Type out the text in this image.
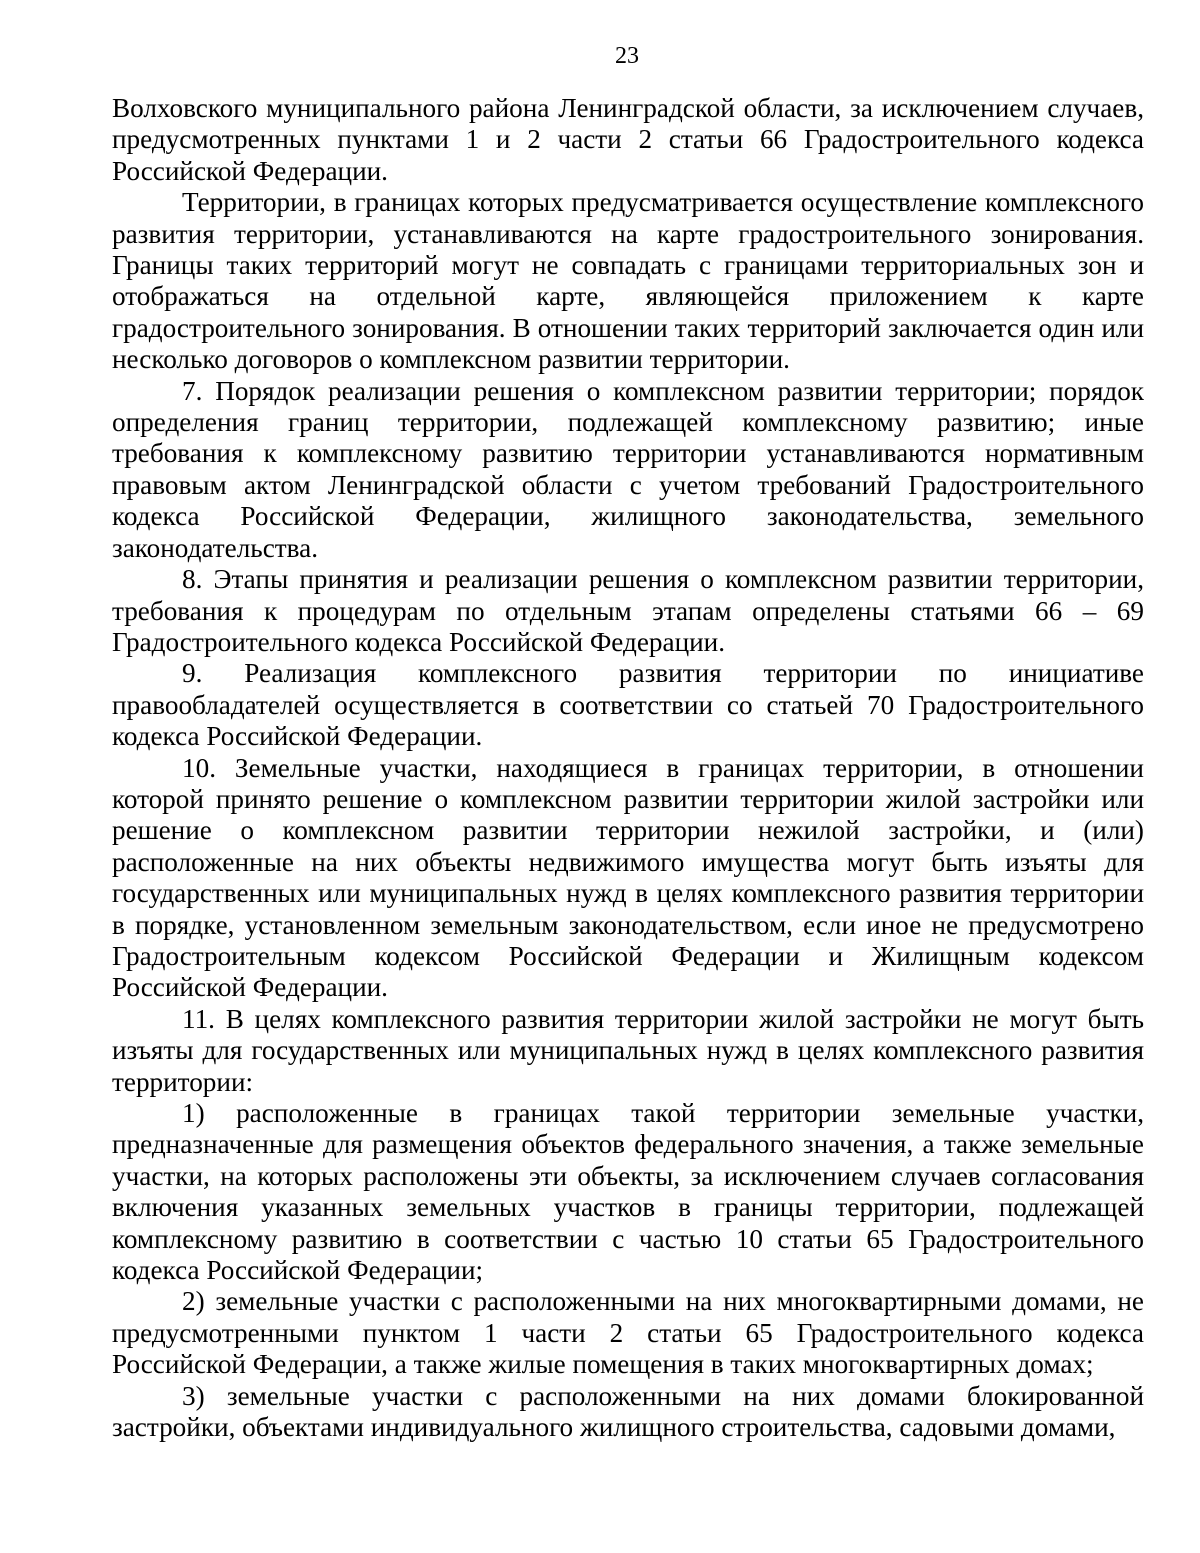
23

Волховского муниципального района Ленинградской области, за исключением случаев, предусмотренных пунктами 1 и 2 части 2 статьи 66 Градостроительного кодекса Российской Федерации.

Территории, в границах которых предусматривается осуществление комплексного развития территории, устанавливаются на карте градостроительного зонирования. Границы таких территорий могут не совпадать с границами территориальных зон и отображаться на отдельной карте, являющейся приложением к карте градостроительного зонирования. В отношении таких территорий заключается один или несколько договоров о комплексном развитии территории.

7. Порядок реализации решения о комплексном развитии территории; порядок определения границ территории, подлежащей комплексному развитию; иные требования к комплексному развитию территории устанавливаются нормативным правовым актом Ленинградской области с учетом требований Градостроительного кодекса Российской Федерации, жилищного законодательства, земельного законодательства.

8. Этапы принятия и реализации решения о комплексном развитии территории, требования к процедурам по отдельным этапам определены статьями 66 – 69 Градостроительного кодекса Российской Федерации.

9. Реализация комплексного развития территории по инициативе правообладателей осуществляется в соответствии со статьей 70 Градостроительного кодекса Российской Федерации.

10. Земельные участки, находящиеся в границах территории, в отношении которой принято решение о комплексном развитии территории жилой застройки или решение о комплексном развитии территории нежилой застройки, и (или) расположенные на них объекты недвижимого имущества могут быть изъяты для государственных или муниципальных нужд в целях комплексного развития территории в порядке, установленном земельным законодательством, если иное не предусмотрено Градостроительным кодексом Российской Федерации и Жилищным кодексом Российской Федерации.

11. В целях комплексного развития территории жилой застройки не могут быть изъяты для государственных или муниципальных нужд в целях комплексного развития территории:

1) расположенные в границах такой территории земельные участки, предназначенные для размещения объектов федерального значения, а также земельные участки, на которых расположены эти объекты, за исключением случаев согласования включения указанных земельных участков в границы территории, подлежащей комплексному развитию в соответствии с частью 10 статьи 65 Градостроительного кодекса Российской Федерации;

2) земельные участки с расположенными на них многоквартирными домами, не предусмотренными пунктом 1 части 2 статьи 65 Градостроительного кодекса Российской Федерации, а также жилые помещения в таких многоквартирных домах;

3) земельные участки с расположенными на них домами блокированной застройки, объектами индивидуального жилищного строительства, садовыми домами,
